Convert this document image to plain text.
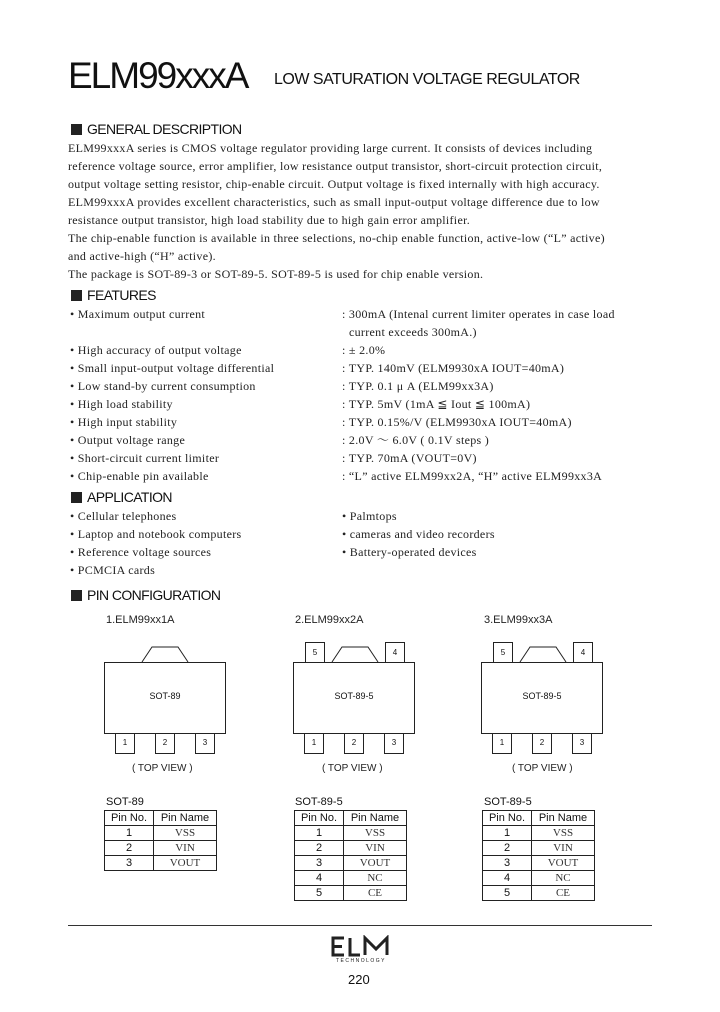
ELM99xxxA LOW SATURATION VOLTAGE REGULATOR
GENERAL DESCRIPTION

ELM99xxxA series is CMOS voltage regulator providing large current. It consists of devices including

reference voltage source, error amplifier, low resistance output transistor, short-circuit protection circuit,

output voltage setting resistor, chip-enable circuit. Output voltage is fixed internally with high accuracy.

ELM99xxxA provides excellent characteristics, such as small input-output voltage difference due to low

resistance output transistor, high load stability due to high gain error amplifier.

The chip-enable function is available in three selections, no-chip enable function, active-low (“L” active)

and active-high (“H” active).

The package is SOT-89-3 or SOT-89-5. SOT-89-5 is used for chip enable version.

FEATURES
• Maximum output current	: 300mA (Intenal current limiter operates in case load
current exceeds 300mA.)
• High accuracy of output voltage	: ± 2.0%
• Small input-output voltage differential	: TYP. 140mV (ELM9930xA IOUT=40mA)
• Low stand-by current consumption	: TYP. 0.1 μ A (ELM99xx3A)
• High load stability	: TYP. 5mV (1mA ≦ Iout ≦ 100mA)
• High input stability	: TYP. 0.15%/V (ELM9930xA IOUT=40mA)
• Output voltage range	: 2.0V 〜 6.0V ( 0.1V steps )
• Short-circuit current limiter	: TYP. 70mA (VOUT=0V)
• Chip-enable pin available	: “L” active ELM99xx2A, “H” active ELM99xx3A
APPLICATION
• Cellular telephones
• Laptop and notebook computers
• Reference voltage sources
• PCMCIA cards
• Palmtops
• cameras and video recorders
• Battery-operated devices
PIN CONFIGURATION
1.ELM99xx1A
SOT-89
1	2	3
( TOP VIEW )
2.ELM99xx2A
5	4
SOT-89-5
1	2	3
( TOP VIEW )
3.ELM99xx3A
5	4
SOT-89-5
1	2	3
( TOP VIEW )
SOT-89
Pin No.	Pin Name
1	VSS
2	VIN
3	VOUT
SOT-89-5
Pin No.	Pin Name
1	VSS
2	VIN
3	VOUT
4	NC
5	CE
SOT-89-5
Pin No.	Pin Name
1	VSS
2	VIN
3	VOUT
4	NC
5	CE
TECHNOLOGY
220
